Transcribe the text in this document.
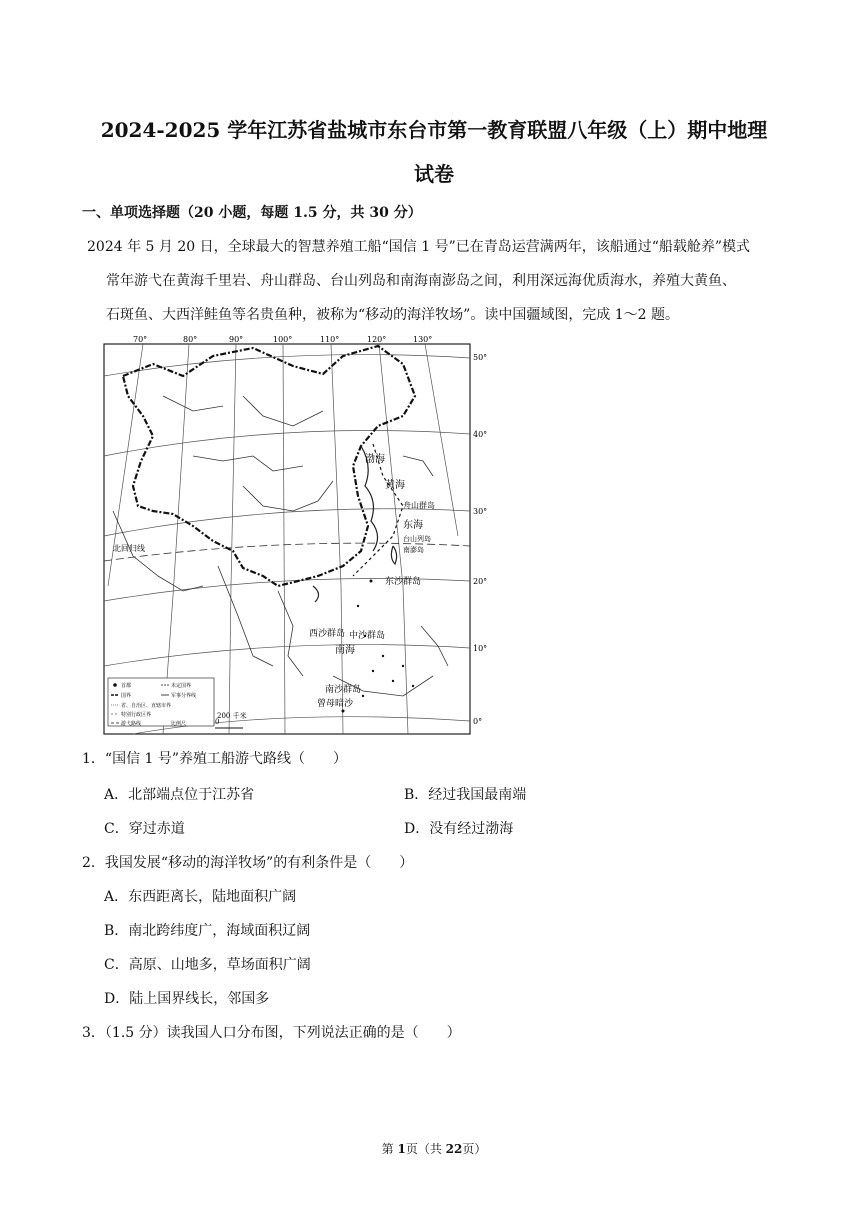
2024-2025 学年江苏省盐城市东台市第一教育联盟八年级（上）期中地理
试卷
一、单项选择题（20 小题，每题 1.5 分，共 30 分）
2024 年 5 月 20 日，全球最大的智慧养殖工船“国信 1 号”已在青岛运营满两年，该船通过“船载舱养”模式
常年游弋在黄海千里岩、舟山群岛、台山列岛和南海南澎岛之间，利用深远海优质海水，养殖大黄鱼、
石斑鱼、大西洋鲑鱼等名贵鱼种，被称为“移动的海洋牧场”。读中国疆域图，完成 1～2 题。
70°	80°	90°	100°	110°	120°	130°
50°
40°
30°
20°
10°
0°
渤海
黄海
舟山群岛
东海
台山列岛
南澎岛
东沙群岛
西沙群岛 中沙群岛
南海
南沙群岛
曾母暗沙
北回归线
首都	未定国界
国界	军事分界线
省、自治区、直辖市界
特别行政区界
游弋路线	比例尺	0
200 千米
1．“国信 1 号”养殖工船游弋路线（　　）
A．北部端点位于江苏省	B．经过我国最南端
C．穿过赤道	D．没有经过渤海
2．我国发展“移动的海洋牧场”的有利条件是（　　）
A．东西距离长，陆地面积广阔
B．南北跨纬度广，海域面积辽阔
C．高原、山地多，草场面积广阔
D．陆上国界线长，邻国多
3．（1.5 分）读我国人口分布图，下列说法正确的是（　　）
第 1页（共 22页）
